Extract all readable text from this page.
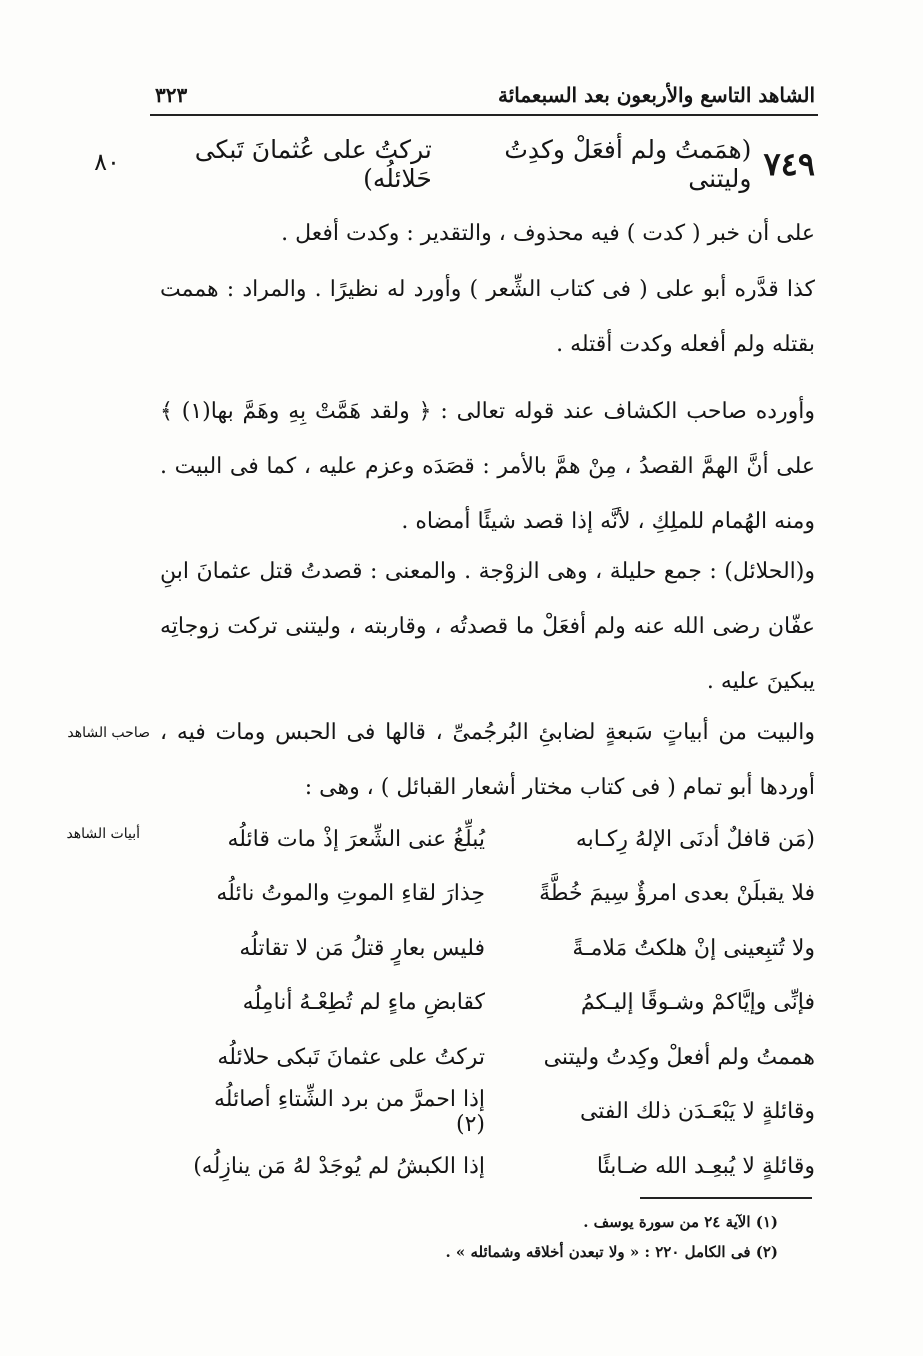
الشاهد التاسع والأربعون بعد السبعمائة
٣٢٣
٨٠	٧٤٩
(همَمتُ ولم أفعَلْ وكدِتُ وليتنى
تركتُ على عُثمانَ تَبكى حَلائلُه)
على أن خبر ( كدت ) فيه محذوف ، والتقدير : وكدت أفعل .
كذا قدَّره أبو على ( فى كتاب الشِّعر ) وأورد له نظيرًا . والمراد : هممت بقتله ولم أفعله وكدت أقتله .
وأورده صاحب الكشاف عند قوله تعالى : ﴿ ولقد هَمَّتْ بِهِ وهَمَّ بها(١) ﴾ على أنَّ الهمَّ القصدُ ، مِنْ همَّ بالأمر : قصَدَه وعزم عليه ، كما فى البيت . ومنه الهُمام للملِكِ ، لأنَّه إذا قصد شيئًا أمضاه .
و(الحلائل) : جمع حليلة ، وهى الزوْجة . والمعنى : قصدتُ قتل عثمانَ ابنِ عفّان رضى الله عنه ولم أفعَلْ ما قصدتُه ، وقاربته ، وليتنى تركت زوجاتِه يبكينَ عليه .
والبيت من أبياتٍ سَبعةٍ لضابئِ البُرجُمىِّ ، قالها فى الحبس ومات فيه ، أوردها أبو تمام ( فى كتاب مختار أشعار القبائل ) ، وهى :
صاحب الشاهد
أبيات الشاهد	(مَن قافلٌ أدنَى الإلهُ رِكـابه
يُبلِّغُ عنى الشِّعرَ إذْ مات قائلُه
فلا يقبلَنْ بعدى امرؤٌ سِيمَ خُطَّةً
حِذارَ لقاءِ الموتِ والموتُ نائلُه
ولا تُتبِعينى إنْ هلكتُ مَلامـةً
فليس بعارٍ قتلُ مَن لا تقاتلُه
فإنِّى وإيَّاكمْ وشـوقًا إليـكمُ
كقابضِ ماءٍ لم تُطِعْـهُ أنامِلُه
هممتُ ولم أفعلْ وكِدتُ وليتنى
تركتُ على عثمانَ تَبكى حلائلُه
وقائلةٍ لا يَبْعَـدَن ذلك الفتى
إذا احمرَّ من برد الشِّتاءِ أصائلُه (٢)
وقائلةٍ لا يُبعِـد الله ضـابئًا
إذا الكبشُ لم يُوجَدْ لهُ مَن ينازِلُه)
(١) الآية ٢٤ من سورة يوسف .
(٢) فى الكامل ٢٢٠ : « ولا تبعدن أخلاقه وشمائله » .
